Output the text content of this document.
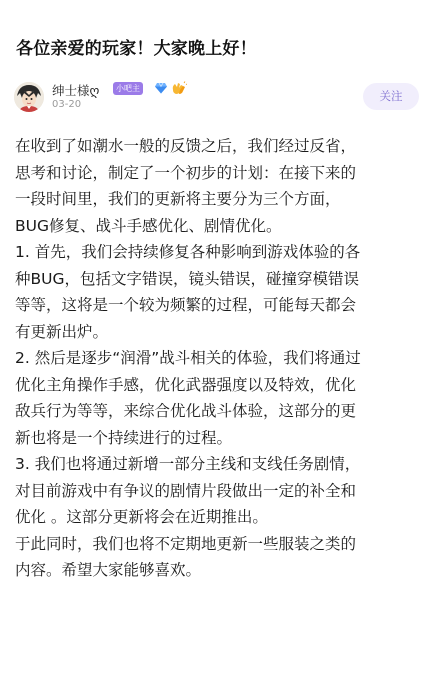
各位亲爱的玩家！大家晚上好！
绅士様ღ	小吧主
03-20
关注

在收到了如潮水一般的反馈之后，我们经过反省，

思考和讨论，制定了一个初步的计划：在接下来的

一段时间里，我们的更新将主要分为三个方面，

BUG修复、战斗手感优化、剧情优化。

1. 首先，我们会持续修复各种影响到游戏体验的各

种BUG，包括文字错误，镜头错误，碰撞穿模错误

等等，这将是一个较为频繁的过程，可能每天都会

有更新出炉。

2. 然后是逐步“润滑”战斗相关的体验，我们将通过

优化主角操作手感，优化武器强度以及特效，优化

敌兵行为等等，来综合优化战斗体验，这部分的更

新也将是一个持续进行的过程。

3. 我们也将通过新增一部分主线和支线任务剧情，

对目前游戏中有争议的剧情片段做出一定的补全和

优化 。这部分更新将会在近期推出。

于此同时，我们也将不定期地更新一些服装之类的

内容。希望大家能够喜欢。
